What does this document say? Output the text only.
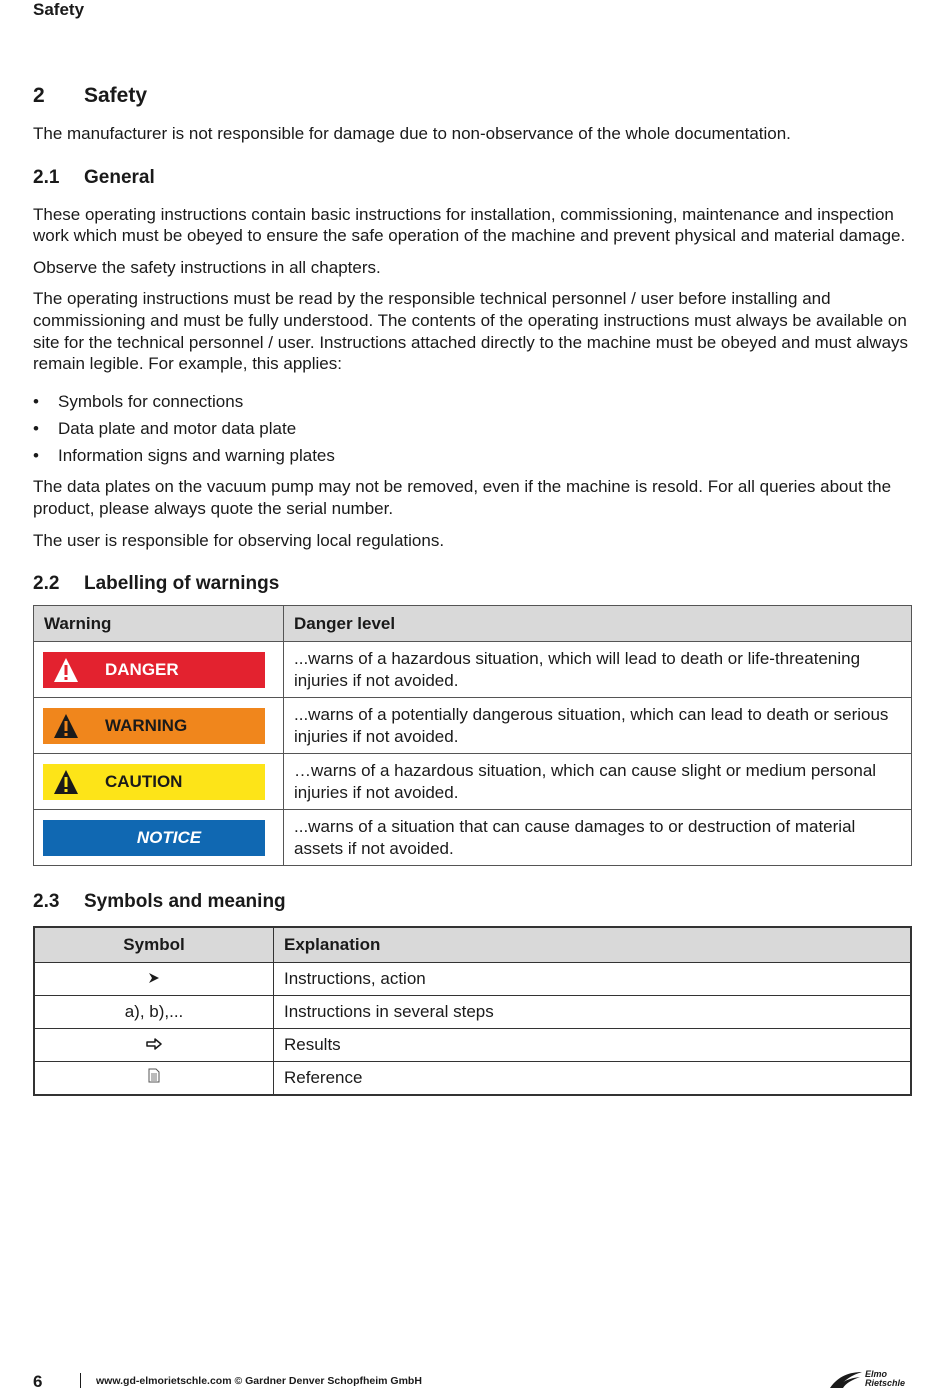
Safety
2	Safety

The manufacturer is not responsible for damage due to non-observance of the whole documentation.

2.1	General

These operating instructions contain basic instructions for installation, commissioning, maintenance and inspection work which must be obeyed to ensure the safe operation of the machine and prevent physical and material damage.

Observe the safety instructions in all chapters.

The operating instructions must be read by the responsible technical personnel / user before installing and commissioning and must be fully understood. The contents of the operating instructions must always be available on site for the technical personnel / user. Instructions attached directly to the machine must be obeyed and must always remain legible. For example, this applies:

• Symbols for connections
• Data plate and motor data plate
• Information signs and warning plates

The data plates on the vacuum pump may not be removed, even if the machine is resold. For all queries about the product, please always quote the serial number.

The user is responsible for observing local regulations.

2.2	Labelling of warnings
Warning	Danger level

DANGER	...warns of a hazardous situation, which will lead to death or life-threatening injuries if not avoided.

WARNING	...warns of a potentially dangerous situation, which can lead to death or serious injuries if not avoided.

CAUTION	…warns of a hazardous situation, which can cause slight or medium personal injuries if not avoided.

NOTICE	...warns of a situation that can cause damages to or destruction of material assets if not avoided.
2.3	Symbols and meaning
Symbol	Explanation

	Instructions, action
a), b),...	Instructions in several steps

	Results

	Reference
6	www.gd-elmorietschle.com © Gardner Denver Schopfheim GmbH
Elmo
Rietschle
